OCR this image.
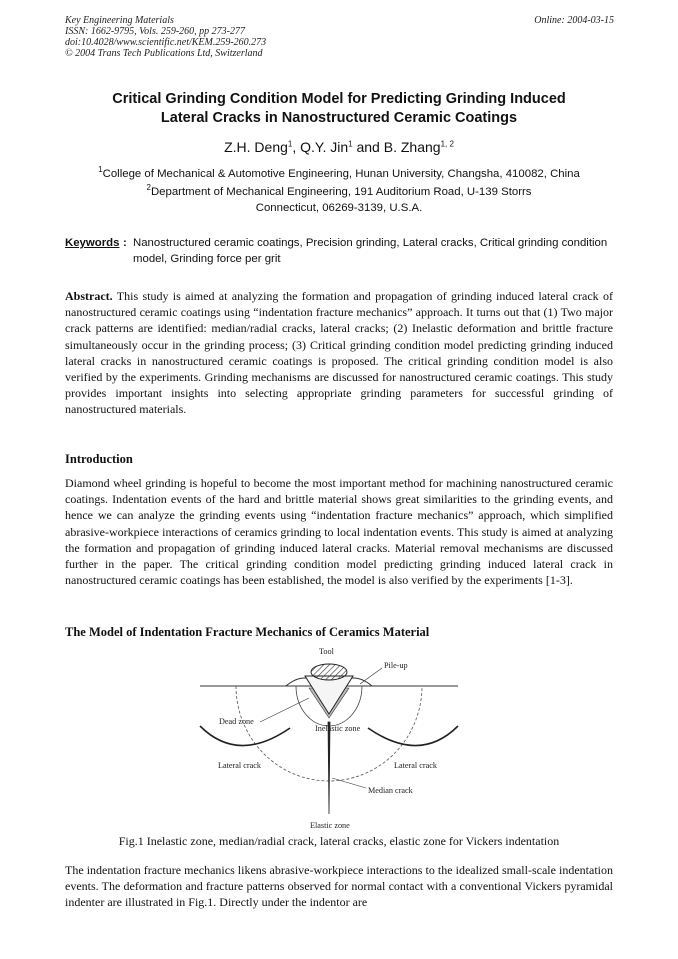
Key Engineering Materials
ISSN: 1662-9795, Vols. 259-260, pp 273-277
doi:10.4028/www.scientific.net/KEM.259-260.273
© 2004 Trans Tech Publications Ltd, Switzerland
Online: 2004-03-15
Critical Grinding Condition Model for Predicting Grinding Induced
Lateral Cracks in Nanostructured Ceramic Coatings
Z.H. Deng$^1$, Q.Y. Jin$^1$ and B. Zhang$^{1, 2}$
$^1$College of Mechanical & Automotive Engineering, Hunan University, Changsha, 410082, China
$^2$Department of Mechanical Engineering, 191 Auditorium Road, U-139 Storrs
Connecticut, 06269-3139, U.S.A.
Keywords : Nanostructured ceramic coatings, Precision grinding, Lateral cracks, Critical grinding condition model, Grinding force per grit
Abstract. This study is aimed at analyzing the formation and propagation of grinding induced lateral crack of nanostructured ceramic coatings using “indentation fracture mechanics” approach. It turns out that (1) Two major crack patterns are identified: median/radial cracks, lateral cracks; (2) Inelastic deformation and brittle fracture simultaneously occur in the grinding process; (3) Critical grinding condition model predicting grinding induced lateral cracks in nanostructured ceramic coatings is proposed. The critical grinding condition model is also verified by the experiments. Grinding mechanisms are discussed for nanostructured ceramic coatings. This study provides important insights into selecting appropriate grinding parameters for successful grinding of nanostructured materials.
Introduction
Diamond wheel grinding is hopeful to become the most important method for machining nanostructured ceramic coatings. Indentation events of the hard and brittle material shows great similarities to the grinding events, and hence we can analyze the grinding events using “indentation fracture mechanics” approach, which simplified abrasive-workpiece interactions of ceramics grinding to local indentation events. This study is aimed at analyzing the formation and propagation of grinding induced lateral cracks. Material removal mechanisms are discussed further in the paper. The critical grinding condition model predicting grinding induced lateral crack in nanostructured ceramic coatings has been established, the model is also verified by the experiments [1-3].
The Model of Indentation Fracture Mechanics of Ceramics Material
Tool
Pile-up
Dead zone
Inelastic zone
Lateral crack	Lateral crack
Median crack
Elastic zone
Fig.1 Inelastic zone, median/radial crack, lateral cracks, elastic zone for Vickers indentation
The indentation fracture mechanics likens abrasive-workpiece interactions to the idealized small-scale indentation events. The deformation and fracture patterns observed for normal contact with a conventional Vickers pyramidal indenter are illustrated in Fig.1. Directly under the indentor are
